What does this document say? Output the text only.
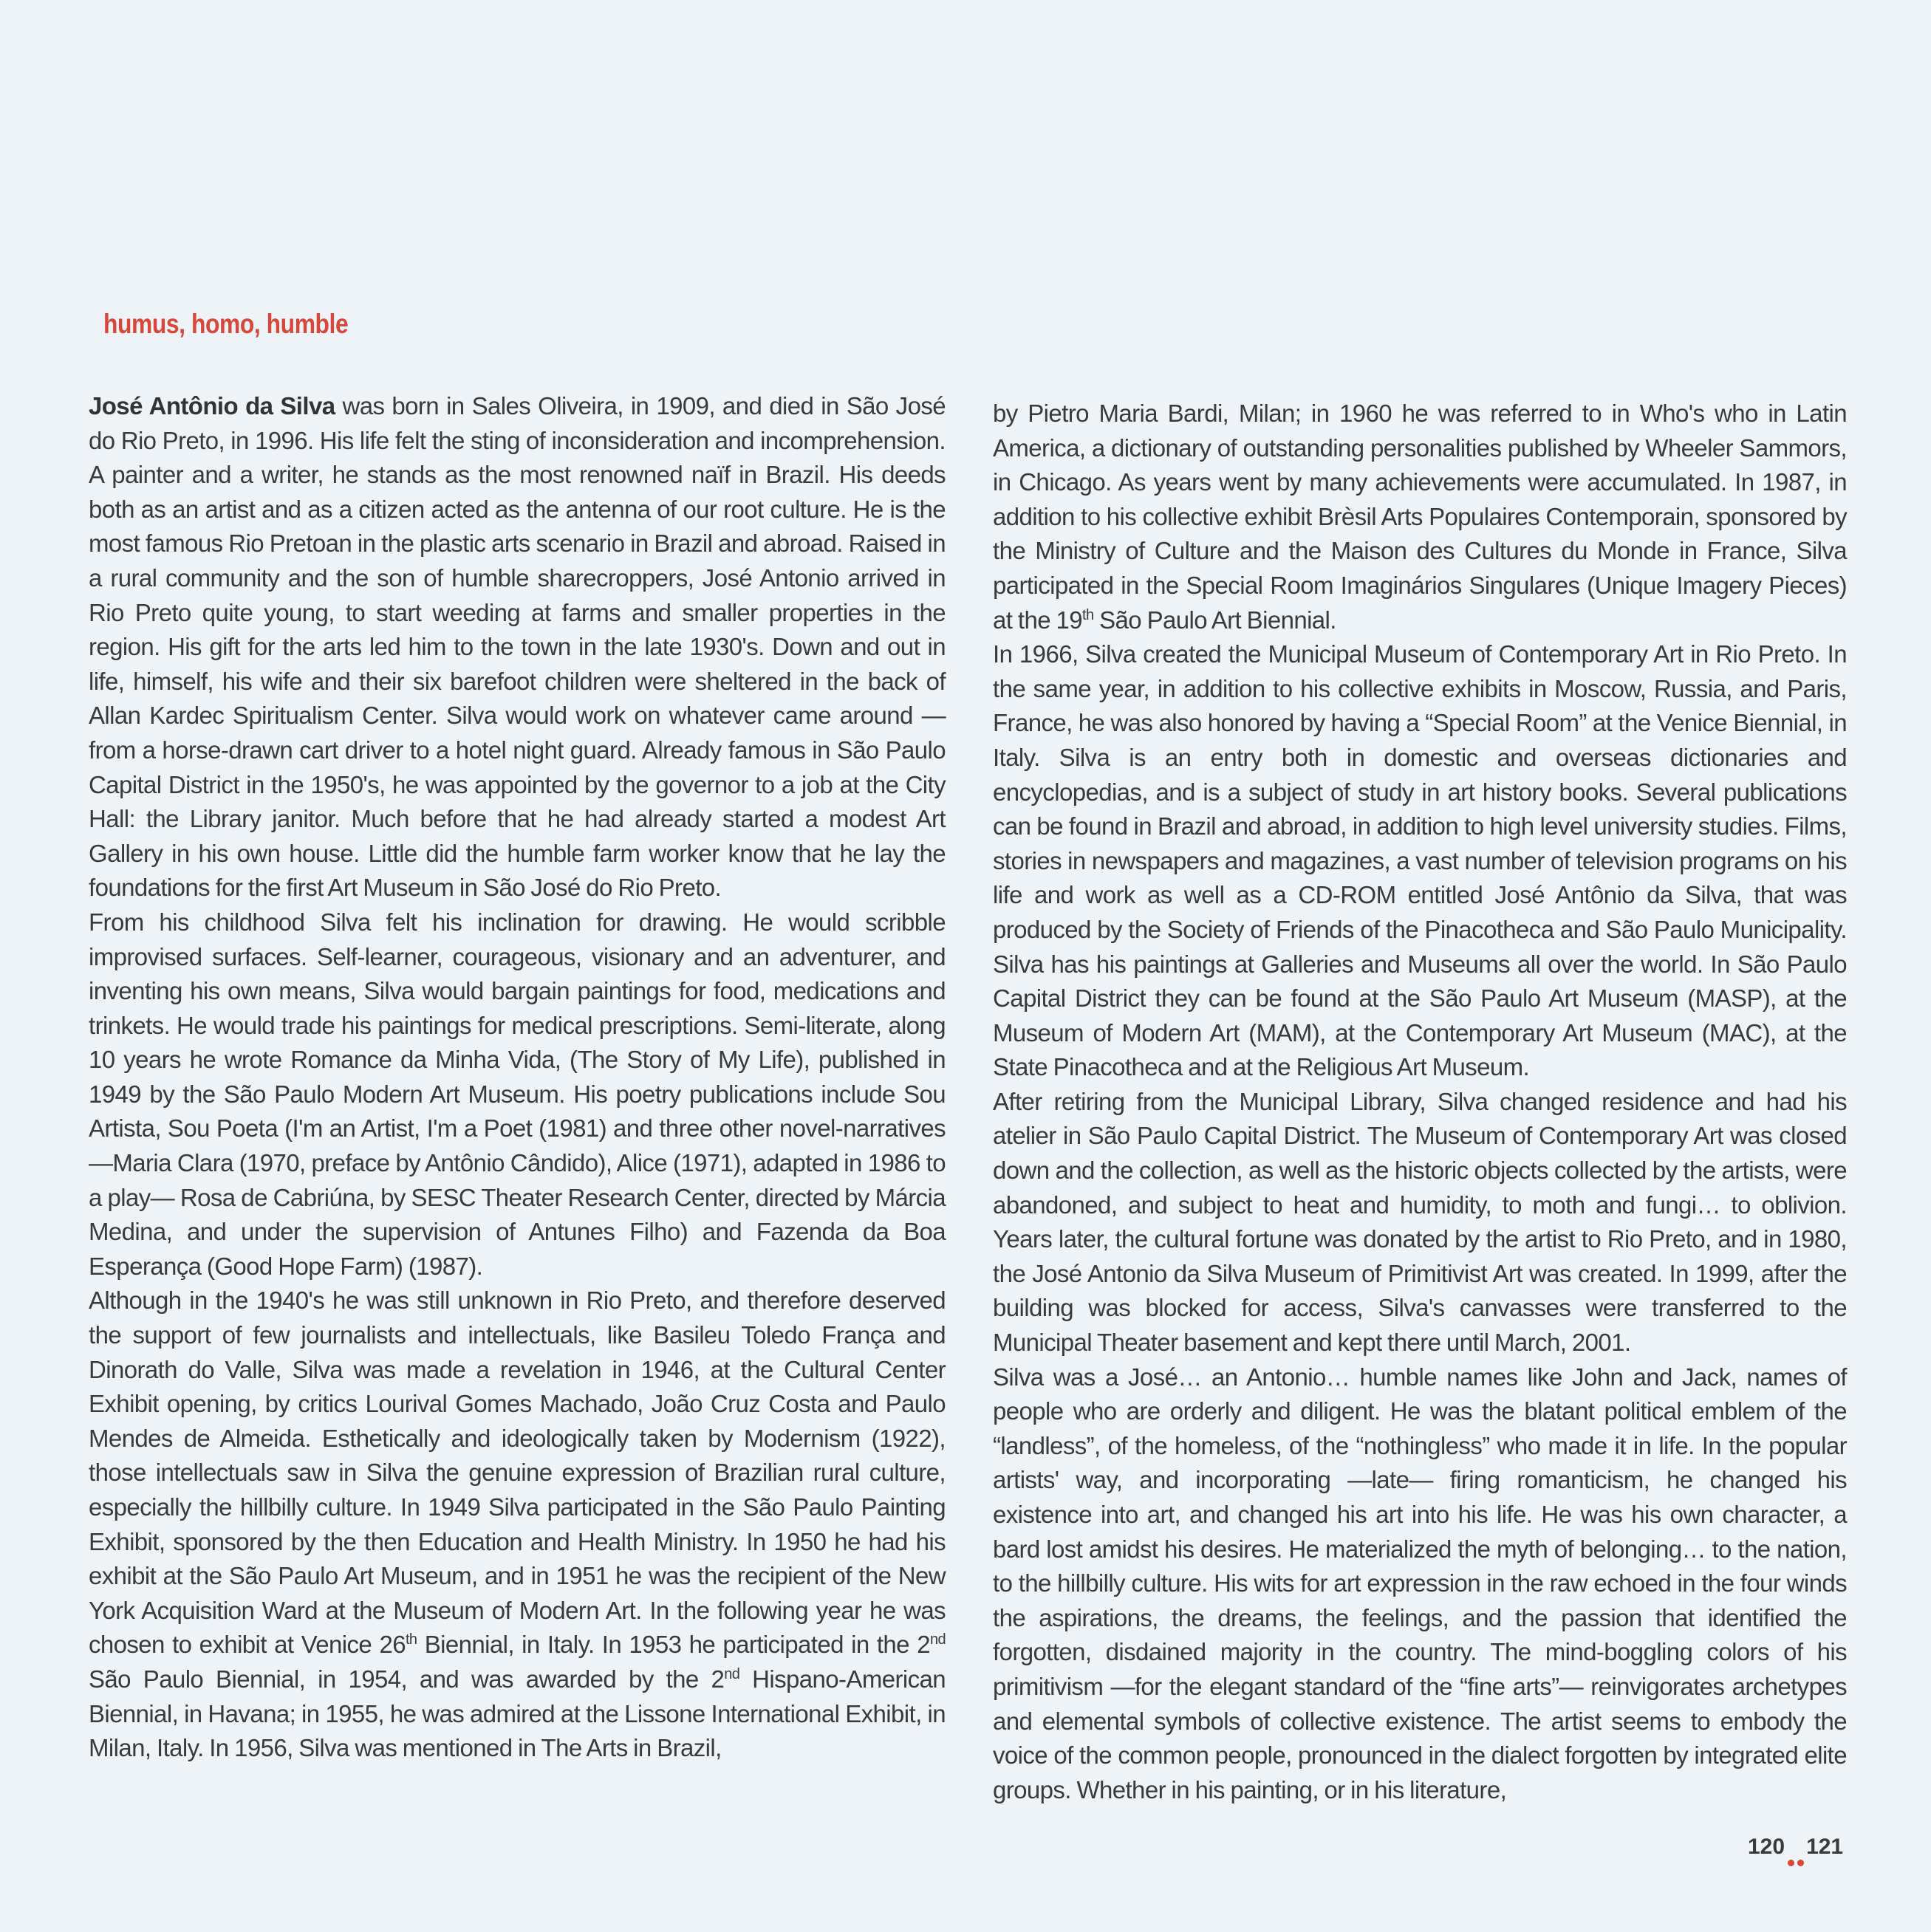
humus, homo, humble

José Antônio da Silva was born in Sales Oliveira, in 1909, and died in São José do Rio Preto, in 1996. His life felt the sting of inconsideration and incomprehension. A painter and a writer, he stands as the most renowned naïf in Brazil. His deeds both as an artist and as a citizen acted as the antenna of our root culture. He is the most famous Rio Pretoan in the plastic arts scenario in Brazil and abroad. Raised in a rural community and the son of humble sharecroppers, José Antonio arrived in Rio Preto quite young, to start weeding at farms and smaller properties in the region. His gift for the arts led him to the town in the late 1930's. Down and out in life, himself, his wife and their six barefoot children were sheltered in the back of Allan Kardec Spiritualism Center. Silva would work on whatever came around —from a horse-drawn cart driver to a hotel night guard. Already famous in São Paulo Capital District in the 1950's, he was appointed by the governor to a job at the City Hall: the Library janitor. Much before that he had already started a modest Art Gallery in his own house. Little did the humble farm worker know that he lay the foundations for the first Art Museum in São José do Rio Preto.

From his childhood Silva felt his inclination for drawing. He would scribble improvised surfaces. Self-learner, courageous, visionary and an adventurer, and inventing his own means, Silva would bargain paintings for food, medications and trinkets. He would trade his paintings for medical prescriptions. Semi-literate, along 10 years he wrote Romance da Minha Vida, (The Story of My Life), published in 1949 by the São Paulo Modern Art Museum. His poetry publications include Sou Artista, Sou Poeta (I'm an Artist, I'm a Poet (1981) and three other novel-narratives —Maria Clara (1970, preface by Antônio Cândido), Alice (1971), adapted in 1986 to a play— Rosa de Cabriúna, by SESC Theater Research Center, directed by Márcia Medina, and under the supervision of Antunes Filho) and Fazenda da Boa Esperança (Good Hope Farm) (1987).

Although in the 1940's he was still unknown in Rio Preto, and therefore deserved the support of few journalists and intellectuals, like Basileu Toledo França and Dinorath do Valle, Silva was made a revelation in 1946, at the Cultural Center Exhibit opening, by critics Lourival Gomes Machado, João Cruz Costa and Paulo Mendes de Almeida. Esthetically and ideologically taken by Modernism (1922), those intellectuals saw in Silva the genuine expression of Brazilian rural culture, especially the hillbilly culture. In 1949 Silva participated in the São Paulo Painting Exhibit, sponsored by the then Education and Health Ministry. In 1950 he had his exhibit at the São Paulo Art Museum, and in 1951 he was the recipient of the New York Acquisition Ward at the Museum of Modern Art. In the following year he was chosen to exhibit at Venice 26th Biennial, in Italy. In 1953 he participated in the 2nd São Paulo Biennial, in 1954, and was awarded by the 2nd Hispano-American Biennial, in Havana; in 1955, he was admired at the Lissone International Exhibit, in Milan, Italy. In 1956, Silva was mentioned in The Arts in Brazil,

by Pietro Maria Bardi, Milan; in 1960 he was referred to in Who's who in Latin America, a dictionary of outstanding personalities published by Wheeler Sammors, in Chicago. As years went by many achievements were accumulated. In 1987, in addition to his collective exhibit Brèsil Arts Populaires Contemporain, sponsored by the Ministry of Culture and the Maison des Cultures du Monde in France, Silva participated in the Special Room Imaginários Singulares (Unique Imagery Pieces) at the 19th São Paulo Art Biennial.

In 1966, Silva created the Municipal Museum of Contemporary Art in Rio Preto. In the same year, in addition to his collective exhibits in Moscow, Russia, and Paris, France, he was also honored by having a “Special Room” at the Venice Biennial, in Italy. Silva is an entry both in domestic and overseas dictionaries and encyclopedias, and is a subject of study in art history books. Several publications can be found in Brazil and abroad, in addition to high level university studies. Films, stories in newspapers and magazines, a vast number of television programs on his life and work as well as a CD-ROM entitled José Antônio da Silva, that was produced by the Society of Friends of the Pinacotheca and São Paulo Municipality. Silva has his paintings at Galleries and Museums all over the world. In São Paulo Capital District they can be found at the São Paulo Art Museum (MASP), at the Museum of Modern Art (MAM), at the Contemporary Art Museum (MAC), at the State Pinacotheca and at the Religious Art Museum.

After retiring from the Municipal Library, Silva changed residence and had his atelier in São Paulo Capital District. The Museum of Contemporary Art was closed down and the collection, as well as the historic objects collected by the artists, were abandoned, and subject to heat and humidity, to moth and fungi… to oblivion. Years later, the cultural fortune was donated by the artist to Rio Preto, and in 1980, the José Antonio da Silva Museum of Primitivist Art was created. In 1999, after the building was blocked for access, Silva's canvasses were transferred to the Municipal Theater basement and kept there until March, 2001.

Silva was a José… an Antonio… humble names like John and Jack, names of people who are orderly and diligent. He was the blatant political emblem of the “landless”, of the homeless, of the “nothingless” who made it in life. In the popular artists' way, and incorporating —late— firing romanticism, he changed his existence into art, and changed his art into his life. He was his own character, a bard lost amidst his desires. He materialized the myth of belonging… to the nation, to the hillbilly culture. His wits for art expression in the raw echoed in the four winds the aspirations, the dreams, the feelings, and the passion that identified the forgotten, disdained majority in the country. The mind-boggling colors of his primitivism —for the elegant standard of the “fine arts”— reinvigorates archetypes and elemental symbols of collective existence. The artist seems to embody the voice of the common people, pronounced in the dialect forgotten by integrated elite groups. Whether in his painting, or in his literature,

120 121
